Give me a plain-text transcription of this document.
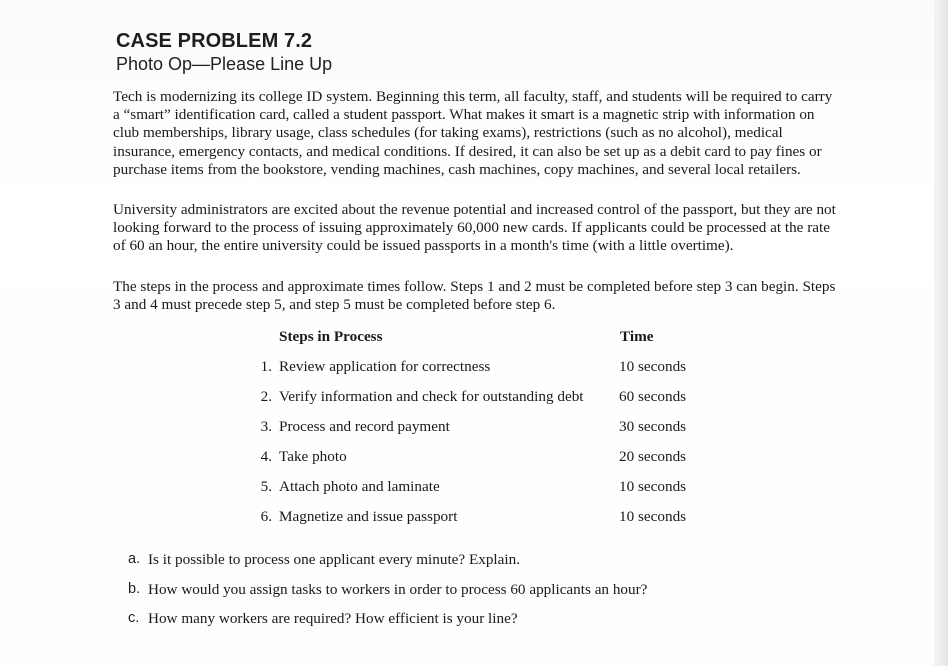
CASE PROBLEM 7.2
Photo Op—Please Line Up

Tech is modernizing its college ID system. Beginning this term, all faculty, staff, and students will be required to carry a “smart” identification card, called a student passport. What makes it smart is a magnetic strip with information on club memberships, library usage, class schedules (for taking exams), restrictions (such as no alcohol), medical insurance, emergency contacts, and medical conditions. If desired, it can also be set up as a debit card to pay fines or purchase items from the bookstore, vending machines, cash machines, copy machines, and several local retailers.

University administrators are excited about the revenue potential and increased control of the passport, but they are not looking forward to the process of issuing approximately 60,000 new cards. If applicants could be processed at the rate of 60 an hour, the entire university could be issued passports in a month's time (with a little overtime).

The steps in the process and approximate times follow. Steps 1 and 2 must be completed before step 3 can begin. Steps 3 and 4 must precede step 5, and step 5 must be completed before step 6.

Steps in Process	Time
1. Review application for correctness	10 seconds
2. Verify information and check for outstanding debt 60 seconds
3. Process and record payment	30 seconds
4. Take photo	20 seconds
5. Attach photo and laminate	10 seconds
6. Magnetize and issue passport	10 seconds
a. Is it possible to process one applicant every minute? Explain.
b. How would you assign tasks to workers in order to process 60 applicants an hour?
c. How many workers are required? How efficient is your line?
